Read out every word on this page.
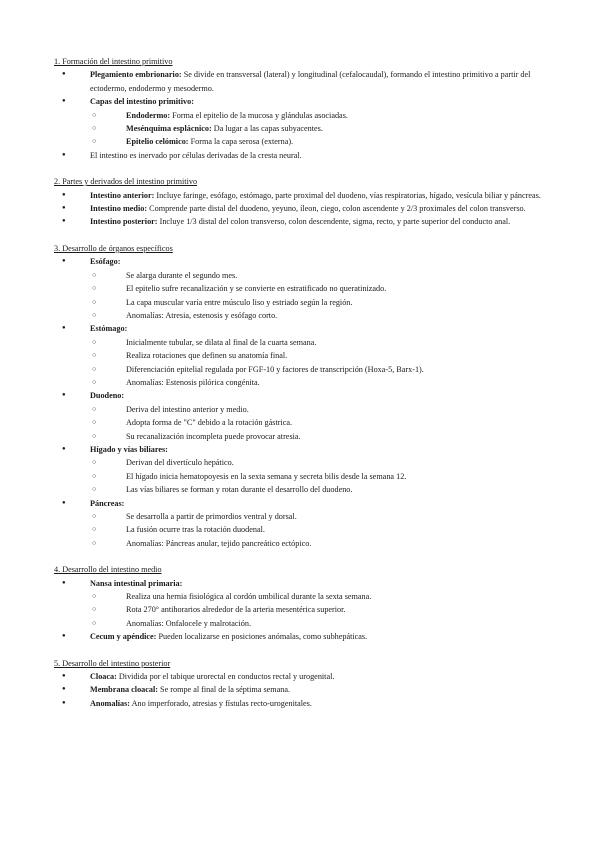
1. Formación del intestino primitivo
● Plegamiento embrionario: Se divide en transversal (lateral) y longitudinal (cefalocaudal), formando el intestino primitivo a partir del ectodermo, endodermo y mesodermo.
● Capas del intestino primitivo:
○ Endodermo: Forma el epitelio de la mucosa y glándulas asociadas.
○ Mesénquima esplácnico: Da lugar a las capas subyacentes.
○ Epitelio celómico: Forma la capa serosa (externa).
● El intestino es inervado por células derivadas de la cresta neural.
2. Partes y derivados del intestino primitivo
● Intestino anterior: Incluye faringe, esófago, estómago, parte proximal del duodeno, vías respiratorias, hígado, vesícula biliar y páncreas.
● Intestino medio: Comprende parte distal del duodeno, yeyuno, íleon, ciego, colon ascendente y 2/3 proximales del colon transverso.
● Intestino posterior: Incluye 1/3 distal del colon transverso, colon descendente, sigma, recto, y parte superior del conducto anal.
3. Desarrollo de órganos específicos
● Esófago:
○ Se alarga durante el segundo mes.
○ El epitelio sufre recanalización y se convierte en estratificado no queratinizado.
○ La capa muscular varía entre músculo liso y estriado según la región.
○ Anomalías: Atresia, estenosis y esófago corto.
● Estómago:
○ Inicialmente tubular, se dilata al final de la cuarta semana.
○ Realiza rotaciones que definen su anatomía final.
○ Diferenciación epitelial regulada por FGF-10 y factores de transcripción (Hoxa-5, Barx-1).
○ Anomalías: Estenosis pilórica congénita.
● Duodeno:
○ Deriva del intestino anterior y medio.
○ Adopta forma de "C" debido a la rotación gástrica.
○ Su recanalización incompleta puede provocar atresia.
● Hígado y vías biliares:
○ Derivan del divertículo hepático.
○ El hígado inicia hematopoyesis en la sexta semana y secreta bilis desde la semana 12.
○ Las vías biliares se forman y rotan durante el desarrollo del duodeno.
● Páncreas:
○ Se desarrolla a partir de primordios ventral y dorsal.
○ La fusión ocurre tras la rotación duodenal.
○ Anomalías: Páncreas anular, tejido pancreático ectópico.
4. Desarrollo del intestino medio
● Nansa intestinal primaria:
○ Realiza una hernia fisiológica al cordón umbilical durante la sexta semana.
○ Rota 270° antihorarios alrededor de la arteria mesentérica superior.
○ Anomalías: Onfalocele y malrotación.
● Cecum y apéndice: Pueden localizarse en posiciones anómalas, como subhepáticas.
5. Desarrollo del intestino posterior
● Cloaca: Dividida por el tabique urorectal en conductos rectal y urogenital.
● Membrana cloacal: Se rompe al final de la séptima semana.
● Anomalías: Ano imperforado, atresias y fístulas recto-urogenitales.
